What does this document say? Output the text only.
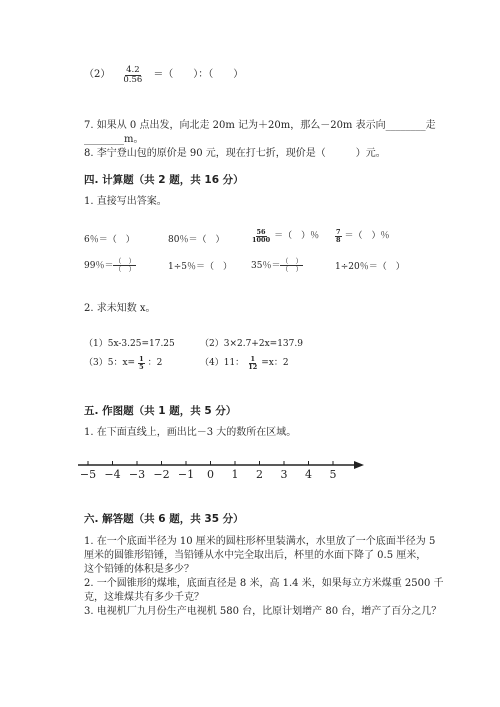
$(2) \frac{4.2}{0.56}$ ＝（　　）：（　　）
7. 如果从 0 点出发，向北走 20m 记为＋20m，那么－20m 表示向________走
________m。
8. 李宁登山包的原价是 90 元，现在打七折，现价是（　　　）元。
四. 计算题（共 2 题，共 16 分）
1. 直接写出答案。
6％＝（　）	80％＝（　）	$\frac{56}{1000}$ ＝（　）％ $\frac{7}{8}$ ＝（　）％
99％＝ $\frac{( )}{( )}$	1÷5％＝（　） 35％＝ $\frac{( )}{( )}$	1÷20％＝（　）
2. 求未知数 x。
（1）5x-3.25=17.25	（2）3×2.7+2x=137.9
（3）5：$x= \frac{1}{5}$ ：2	（4）11： $\frac{1}{12} =x$：2
五. 作图题（共 1 题，共 5 分）
1. 在下面直线上，画出比－3 大的数所在区域。
−5 −4 −3 −2 −1 0 1 2 3 4 5
六. 解答题（共 6 题，共 35 分）
1. 在一个底面半径为 10 厘米的圆柱形杯里装满水，水里放了一个底面半径为 5
厘米的圆锥形铅锤，当铅锤从水中完全取出后，杯里的水面下降了 0.5 厘米，
这个铅锤的体积是多少？
2. 一个圆锥形的煤堆，底面直径是 8 米，高 1.4 米，如果每立方米煤重 2500 千
克，这堆煤共有多少千克？
3. 电视机厂九月份生产电视机 580 台，比原计划增产 80 台，增产了百分之几？
